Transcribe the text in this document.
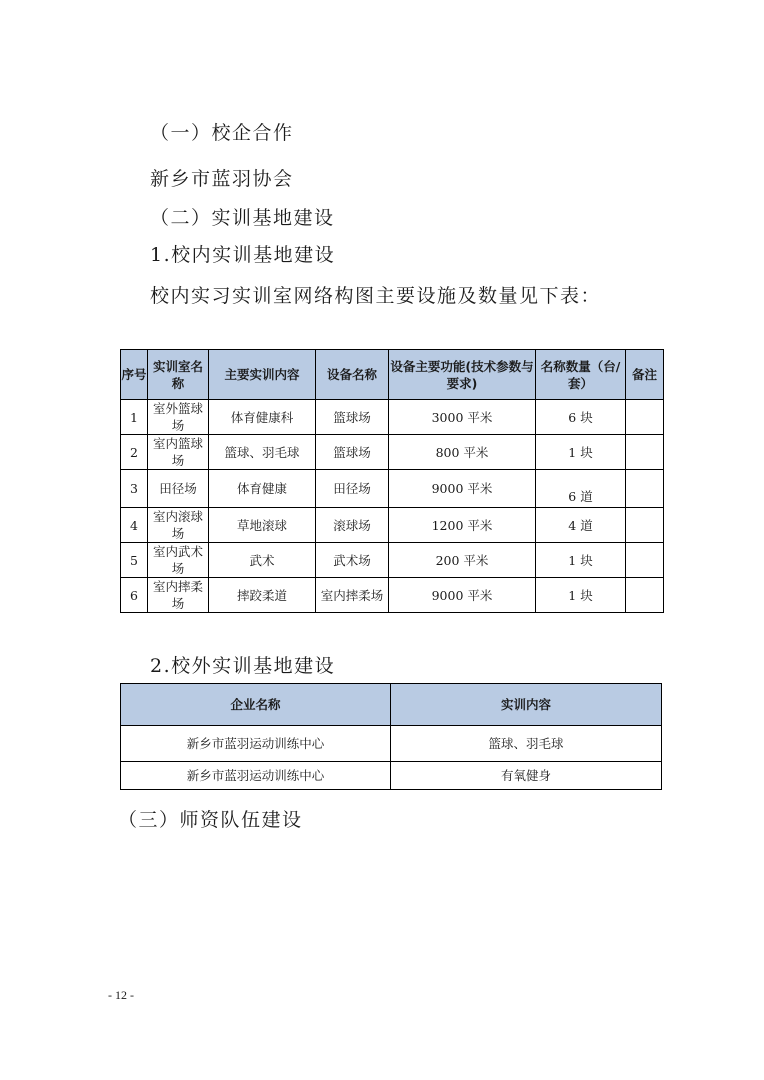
（一）校企合作
新乡市蓝羽协会
（二）实训基地建设
1.校内实训基地建设
校内实习实训室网络构图主要设施及数量见下表：
序号	实训室名称	主要实训内容	设备名称	设备主要功能(技术参数与要求)	名称数量（台/套）	备注
1	室外篮球场	体育健康科	篮球场	3000 平米	6 块	
2	室内篮球场	篮球、羽毛球	篮球场	800 平米	1 块	
3	田径场	体育健康	田径场	9000 平米	6 道	
4	室内滚球场	草地滚球	滚球场	1200 平米	4 道	
5	室内武术场	武术	武术场	200 平米	1 块	
6	室内摔柔场	摔跤柔道	室内摔柔场	9000 平米	1 块	
2.校外实训基地建设
企业名称	实训内容
新乡市蓝羽运动训练中心	篮球、羽毛球
新乡市蓝羽运动训练中心	有氧健身
（三）师资队伍建设
- 12 -
